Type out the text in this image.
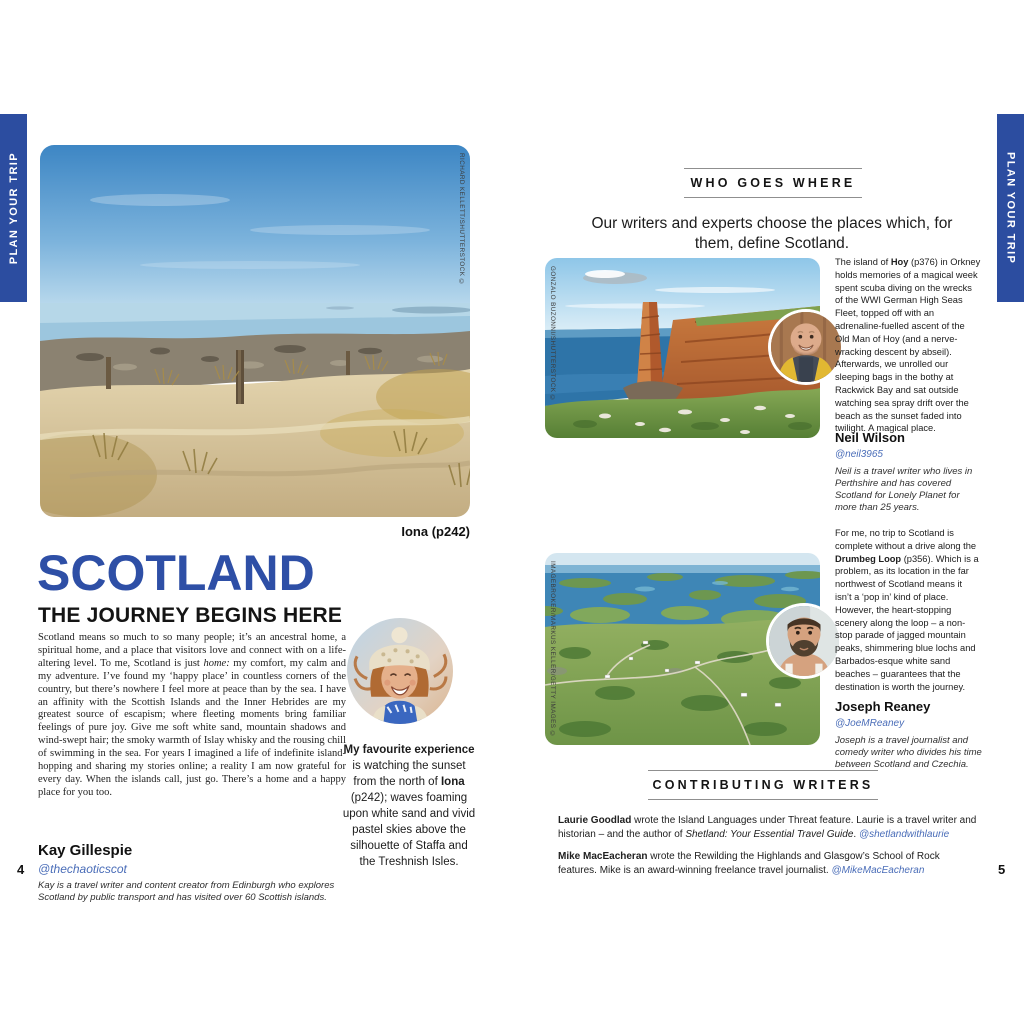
PLAN YOUR TRIP	PLAN YOUR TRIP
RICHARD KELLETT/SHUTTERSTOCK ©
Iona (p242)
SCOTLAND
THE JOURNEY BEGINS HERE
Scotland means so much to so many people; it’s an ancestral home, a spiritual home, and a place that visitors love and connect with on a life-altering level. To me, Scotland is just home: my comfort, my calm and my adventure. I’ve found my ‘happy place’ in countless corners of the country, but there’s nowhere I feel more at peace than by the sea. I have an affinity with the Scottish Islands and the Inner Hebrides are my greatest source of escapism; where fleeting moments bring familiar feelings of pure joy. Give me soft white sand, mountain shadows and wind-swept hair; the smoky warmth of Islay whisky and the rousing chill of swimming in the sea. For years I imagined a life of indefinite island-hopping and sharing my stories online; a reality I am now grateful for every day. When the islands call, just go. There’s a home and a happy place for you too.
Kay Gillespie
@thechaoticscot
Kay is a travel writer and content creator from Edinburgh who explores Scotland by public transport and has visited over 60 Scottish islands.
4
My favourite experience is watching the sunset from the north of Iona (p242); waves foaming upon white sand and vivid pastel skies above the silhouette of Staffa and the Treshnish Isles.
WHO GOES WHERE
Our writers and experts choose the places which, for them, define Scotland.
GONZALO BUZONNI/SHUTTERSTOCK ©
The island of Hoy (p376) in Orkney holds memories of a magical week spent scuba diving on the wrecks of the WWI German High Seas Fleet, topped off with an adrenaline-fuelled ascent of the Old Man of Hoy (and a nerve-wracking descent by abseil). Afterwards, we unrolled our sleeping bags in the bothy at Rackwick Bay and sat outside watching sea spray drift over the beach as the sunset faded into twilight. A magical place.
Neil Wilson
@neil3965
Neil is a travel writer who lives in Perthshire and has covered Scotland for Lonely Planet for more than 25 years.
IMAGEBROKER/MARKUS KELLER/GETTY IMAGES ©
For me, no trip to Scotland is complete without a drive along the Drumbeg Loop (p356). Which is a problem, as its location in the far northwest of Scotland means it isn’t a ‘pop in’ kind of place. However, the heart-stopping scenery along the loop – a non-stop parade of jagged mountain peaks, shimmering blue lochs and Barbados-esque white sand beaches – guarantees that the destination is worth the journey.
Joseph Reaney
@JoeMReaney
Joseph is a travel journalist and comedy writer who divides his time between Scotland and Czechia.
CONTRIBUTING WRITERS
Laurie Goodlad wrote the Island Languages under Threat feature. Laurie is a travel writer and historian – and the author of Shetland: Your Essential Travel Guide. @shetlandwithlaurie
Mike MacEacheran wrote the Rewilding the Highlands and Glasgow’s School of Rock features. Mike is an award-winning freelance travel journalist. @MikeMacEacheran	5
